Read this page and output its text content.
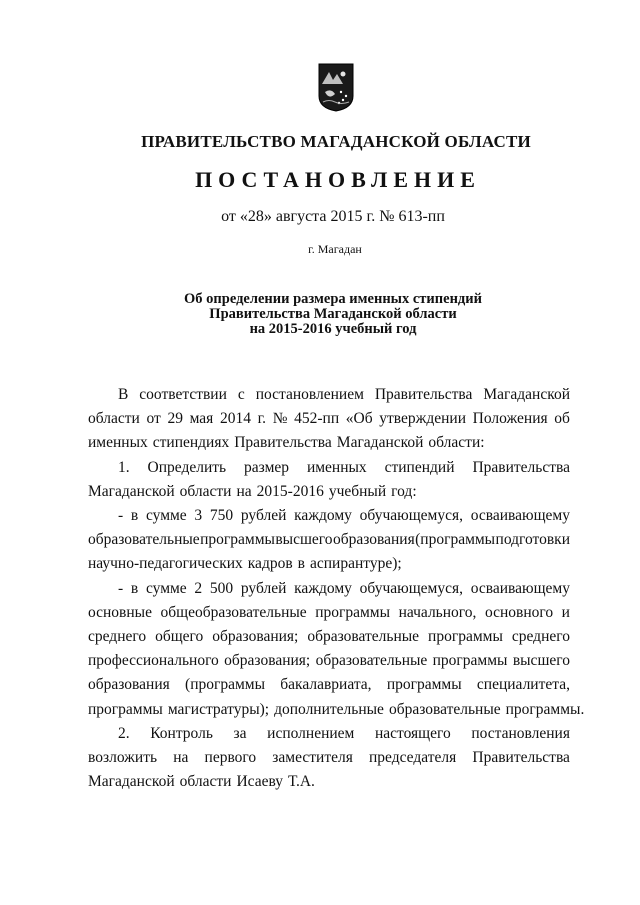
ПРАВИТЕЛЬСТВО МАГАДАНСКОЙ ОБЛАСТИ
ПОСТАНОВЛЕНИЕ
от «28» августа 2015 г. № 613-пп
г. Магадан
Об определении размера именных стипендий
Правительства Магаданской области
на 2015-2016 учебный год
В соответствии с постановлением Правительства Магаданской
области от 29 мая 2014 г. № 452-пп «Об утверждении Положения об
именных стипендиях Правительства Магаданской области:
1. Определить размер именных стипендий Правительства
Магаданской области на 2015-2016 учебный год:
- в сумме 3 750 рублей каждому обучающемуся, осваивающему
образовательные программы высшего образования (программы подготовки
научно-педагогических кадров в аспирантуре);
- в сумме 2 500 рублей каждому обучающемуся, осваивающему
основные общеобразовательные программы начального, основного и
среднего общего образования; образовательные программы среднего
профессионального образования; образовательные программы высшего
образования (программы бакалавриата, программы специалитета,
программы магистратуры); дополнительные образовательные программы.
2. Контроль за исполнением настоящего постановления
возложить на первого заместителя председателя Правительства
Магаданской области Исаеву Т.А.
